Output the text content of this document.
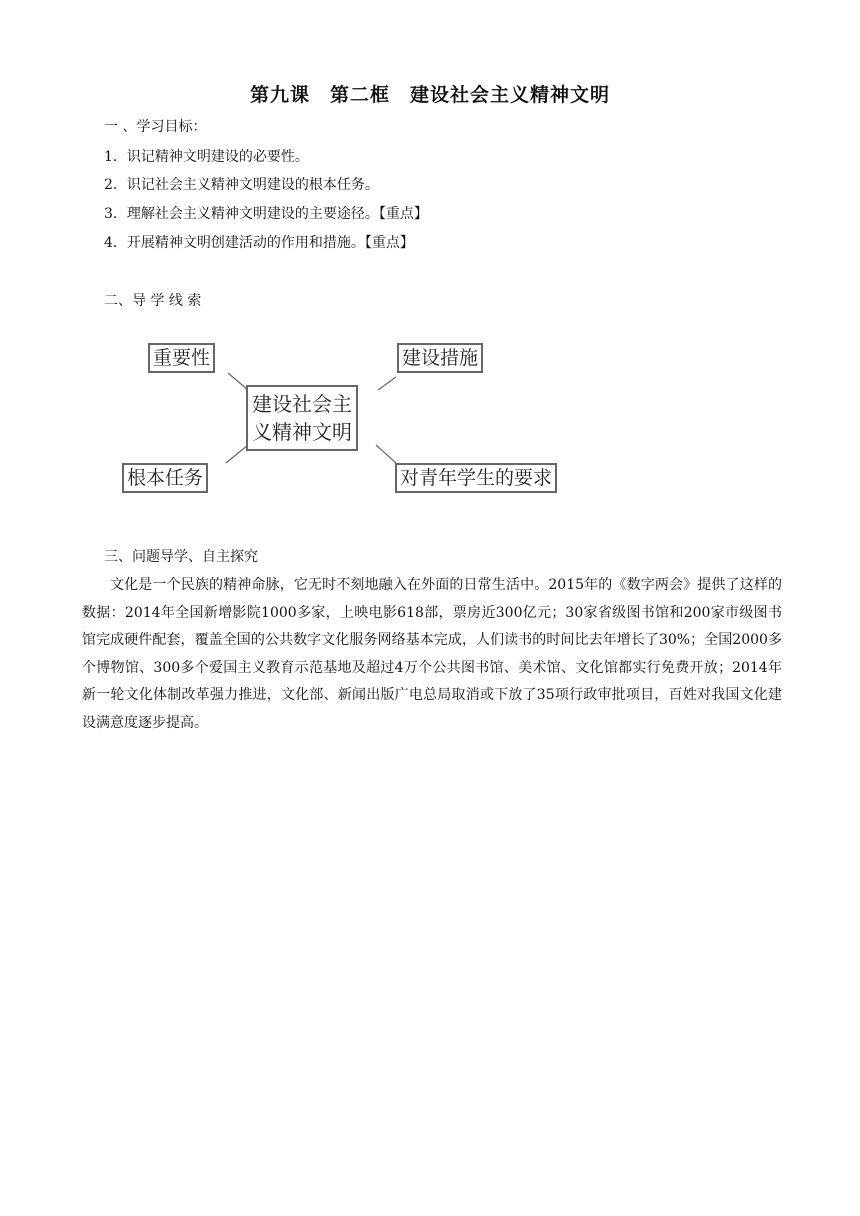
第九课　第二框　建设社会主义精神文明
一 、学习目标：
1．识记精神文明建设的必要性。
2．识记社会主义精神文明建设的根本任务。
3．理解社会主义精神文明建设的主要途径。【重点】
4．开展精神文明创建活动的作用和措施。【重点】
二、导 学 线 索
重要性	建设措施
建设社会主
义精神文明
根本任务	对青年学生的要求
三、问题导学、自主探究
文化是一个民族的精神命脉，它无时不刻地融入在外面的日常生活中。2015年的《数字两会》提供了这样的数据：2014年全国新增影院1000多家，上映电影618部，票房近300亿元；30家省级图书馆和200家市级图书馆完成硬件配套，覆盖全国的公共数字文化服务网络基本完成，人们读书的时间比去年增长了30%；全国2000多个博物馆、300多个爱国主义教育示范基地及超过4万个公共图书馆、美术馆、文化馆都实行免费开放；2014年新一轮文化体制改革强力推进，文化部、新闻出版广电总局取消或下放了35项行政审批项目，百姓对我国文化建设满意度逐步提高。
